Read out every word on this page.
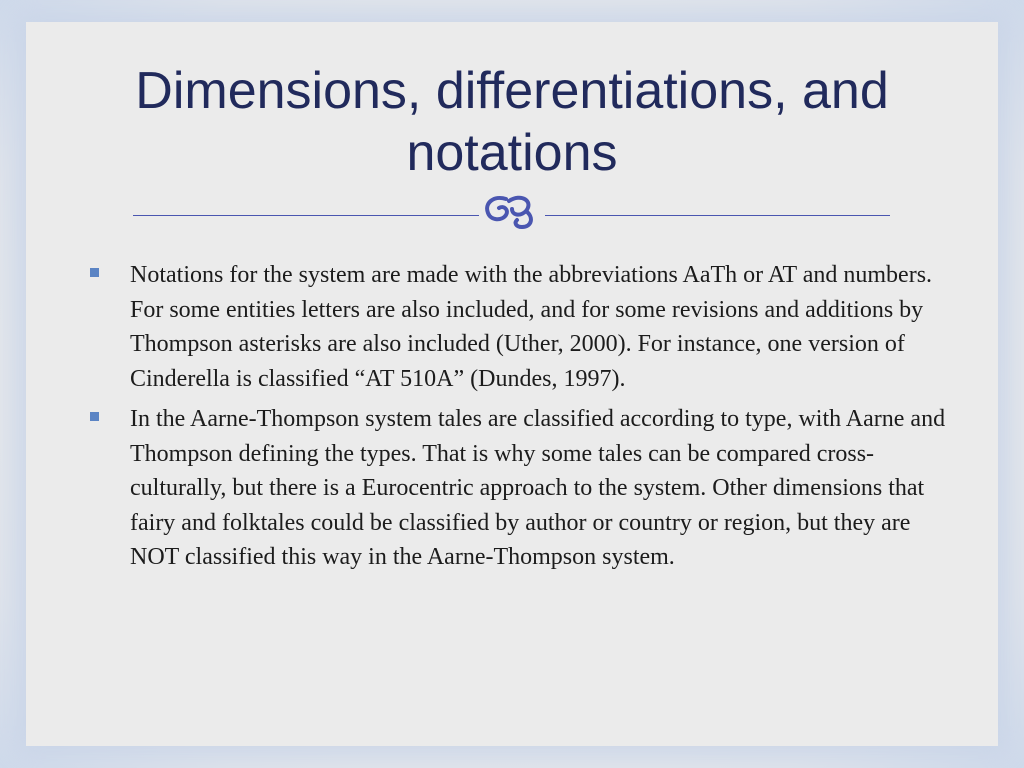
Dimensions, differentiations, and notations
Notations for the system are made with the abbreviations AaTh or AT and numbers. For some entities letters are also included, and for some revisions and additions by Thompson asterisks are also included (Uther, 2000). For instance, one version of Cinderella is classified “AT 510A” (Dundes, 1997).
In the Aarne-Thompson system tales are classified according to type, with Aarne and Thompson defining the types. That is why some tales can be compared cross-culturally, but there is a Eurocentric approach to the system. Other dimensions that fairy and folktales could be classified by author or country or region, but they are NOT classified this way in the Aarne-Thompson system.
